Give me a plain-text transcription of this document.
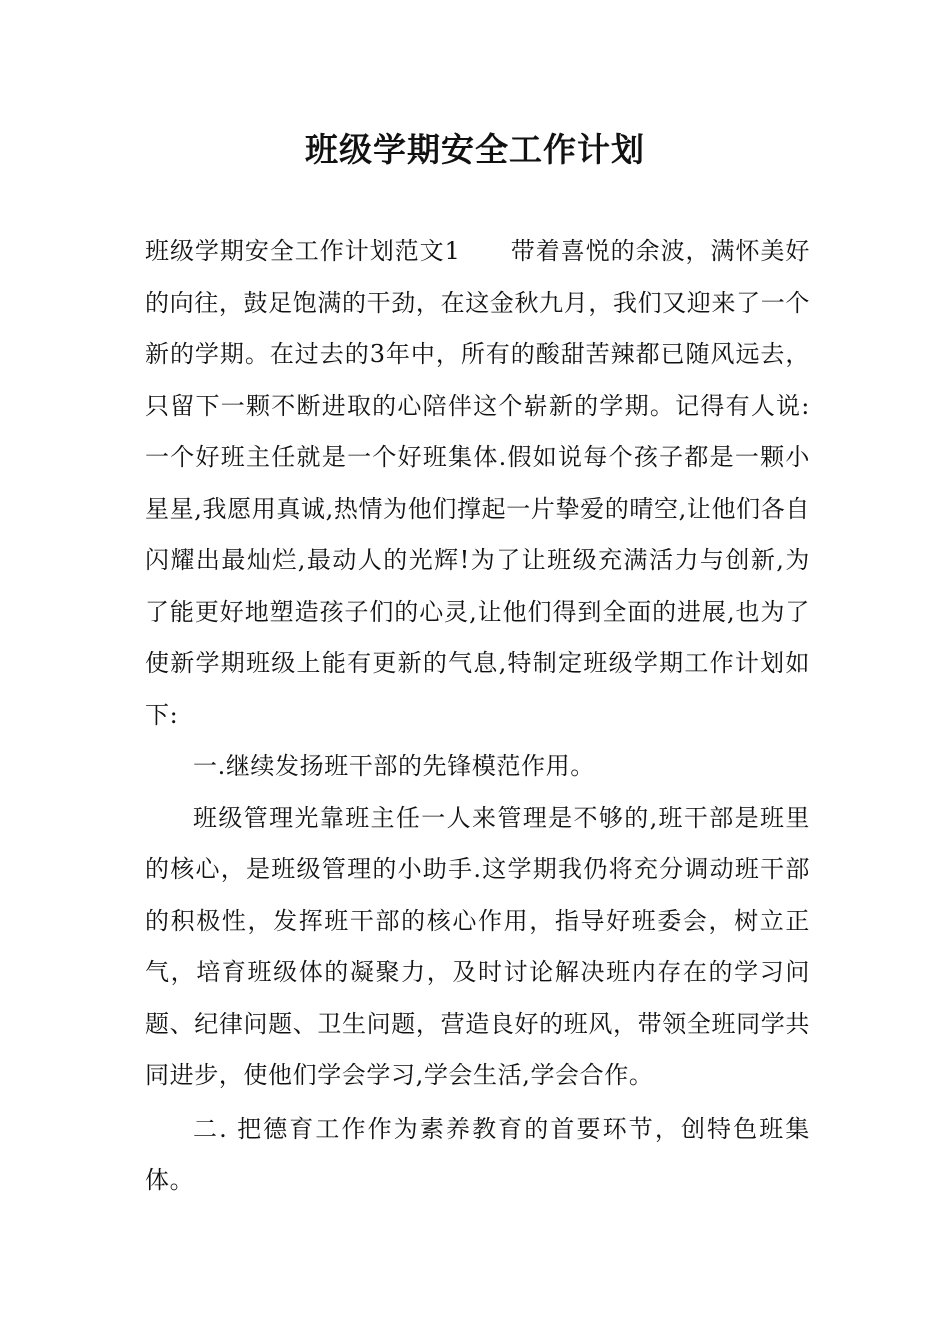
班级学期安全工作计划

班级学期安全工作计划范文1　　带着喜悦的余波，满怀美好的向往，鼓足饱满的干劲，在这金秋九月，我们又迎来了一个新的学期。在过去的3年中，所有的酸甜苦辣都已随风远去，只留下一颗不断进取的心陪伴这个崭新的学期。记得有人说:一个好班主任就是一个好班集体.假如说每个孩子都是一颗小星星,我愿用真诚,热情为他们撑起一片挚爱的晴空,让他们各自闪耀出最灿烂,最动人的光辉!为了让班级充满活力与创新,为了能更好地塑造孩子们的心灵,让他们得到全面的进展,也为了使新学期班级上能有更新的气息,特制定班级学期工作计划如下:

一.继续发扬班干部的先锋模范作用。

班级管理光靠班主任一人来管理是不够的,班干部是班里的核心，是班级管理的小助手.这学期我仍将充分调动班干部的积极性，发挥班干部的核心作用，指导好班委会，树立正气，培育班级体的凝聚力，及时讨论解决班内存在的学习问题、纪律问题、卫生问题，营造良好的班风，带领全班同学共同进步，使他们学会学习,学会生活,学会合作。

二. 把德育工作作为素养教育的首要环节，创特色班集体。
